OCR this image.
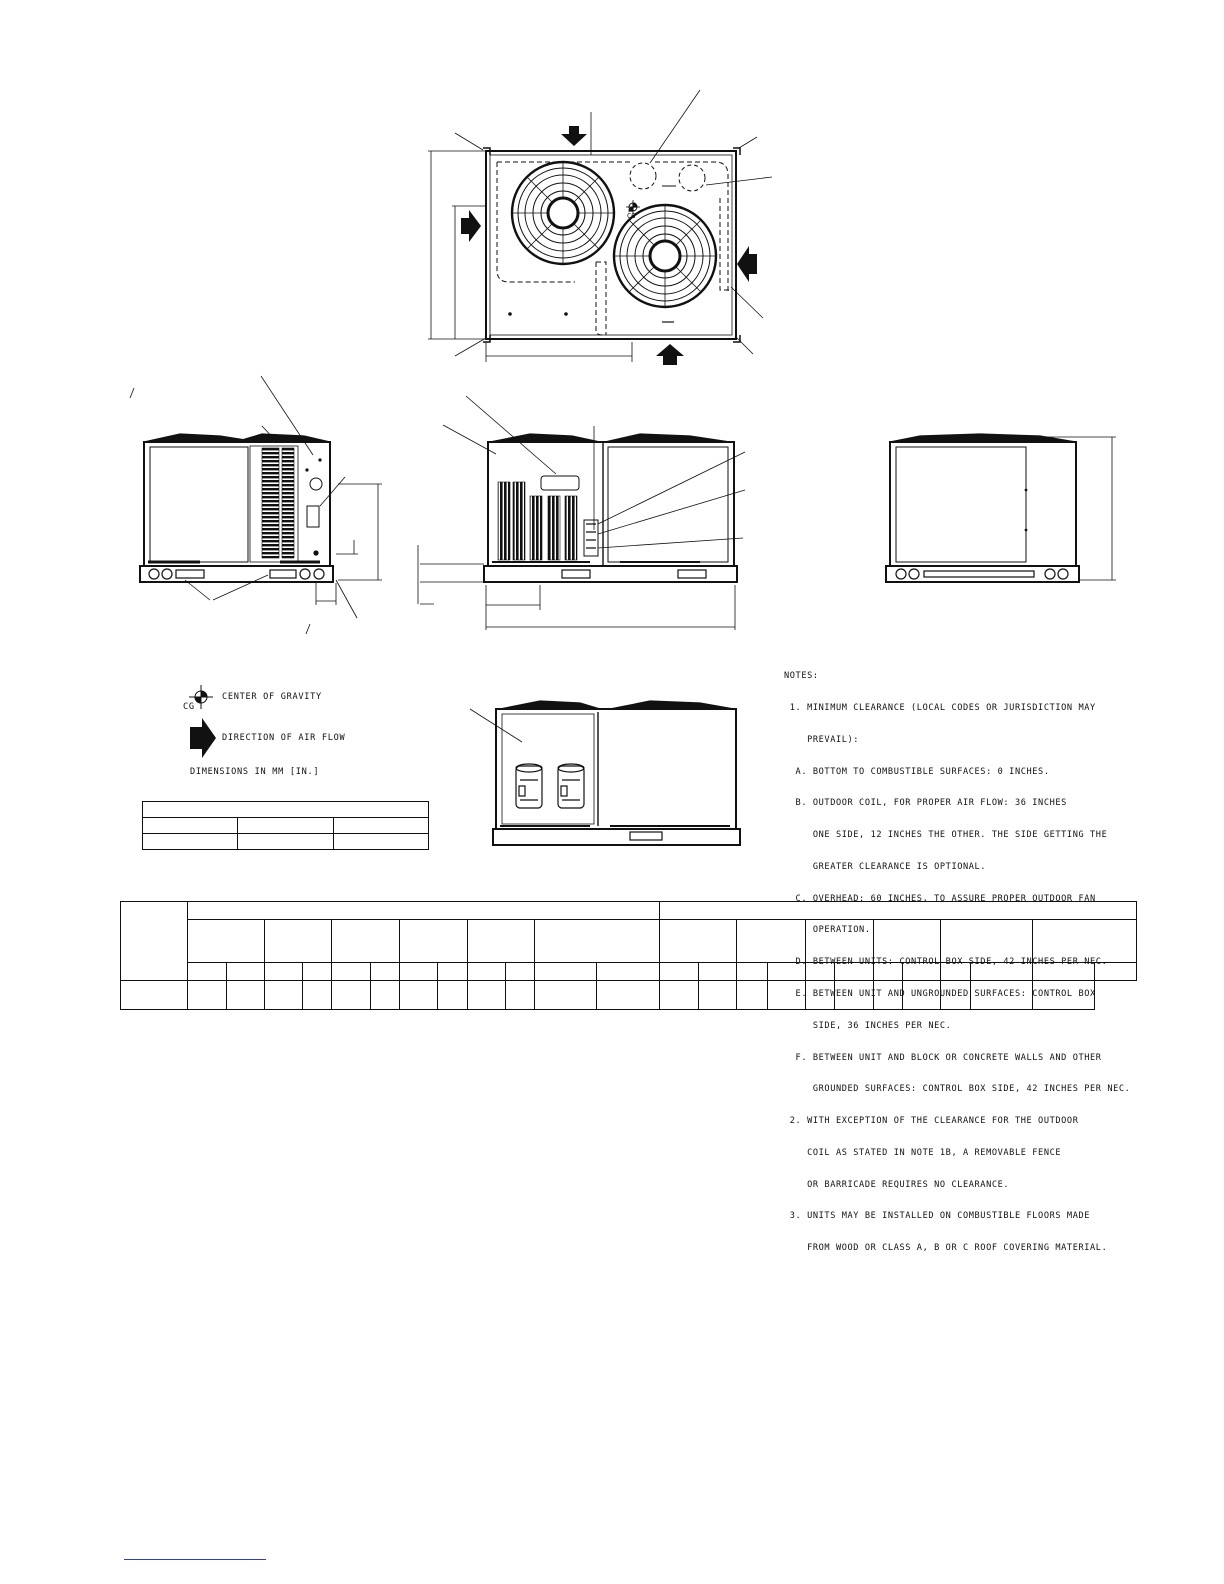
CG
CG
CENTER OF GRAVITY
DIRECTION OF AIR FLOW
DIMENSIONS IN MM [IN.]

NOTES:

1. MINIMUM CLEARANCE (LOCAL CODES OR JURISDICTION MAY

PREVAIL):

A. BOTTOM TO COMBUSTIBLE SURFACES: 0 INCHES.

B. OUTDOOR COIL, FOR PROPER AIR FLOW: 36 INCHES

ONE SIDE, 12 INCHES THE OTHER. THE SIDE GETTING THE

GREATER CLEARANCE IS OPTIONAL.

C. OVERHEAD: 60 INCHES, TO ASSURE PROPER OUTDOOR FAN

OPERATION.

D. BETWEEN UNITS: CONTROL BOX SIDE, 42 INCHES PER NEC.

E. BETWEEN UNIT AND UNGROUNDED SURFACES: CONTROL BOX

SIDE, 36 INCHES PER NEC.

F. BETWEEN UNIT AND BLOCK OR CONCRETE WALLS AND OTHER

GROUNDED SURFACES: CONTROL BOX SIDE, 42 INCHES PER NEC.

2. WITH EXCEPTION OF THE CLEARANCE FOR THE OUTDOOR

COIL AS STATED IN NOTE 1B, A REMOVABLE FENCE

OR BARRICADE REQUIRES NO CLEARANCE.

3. UNITS MAY BE INSTALLED ON COMBUSTIBLE FLOORS MADE

FROM WOOD OR CLASS A, B OR C ROOF COVERING MATERIAL.
